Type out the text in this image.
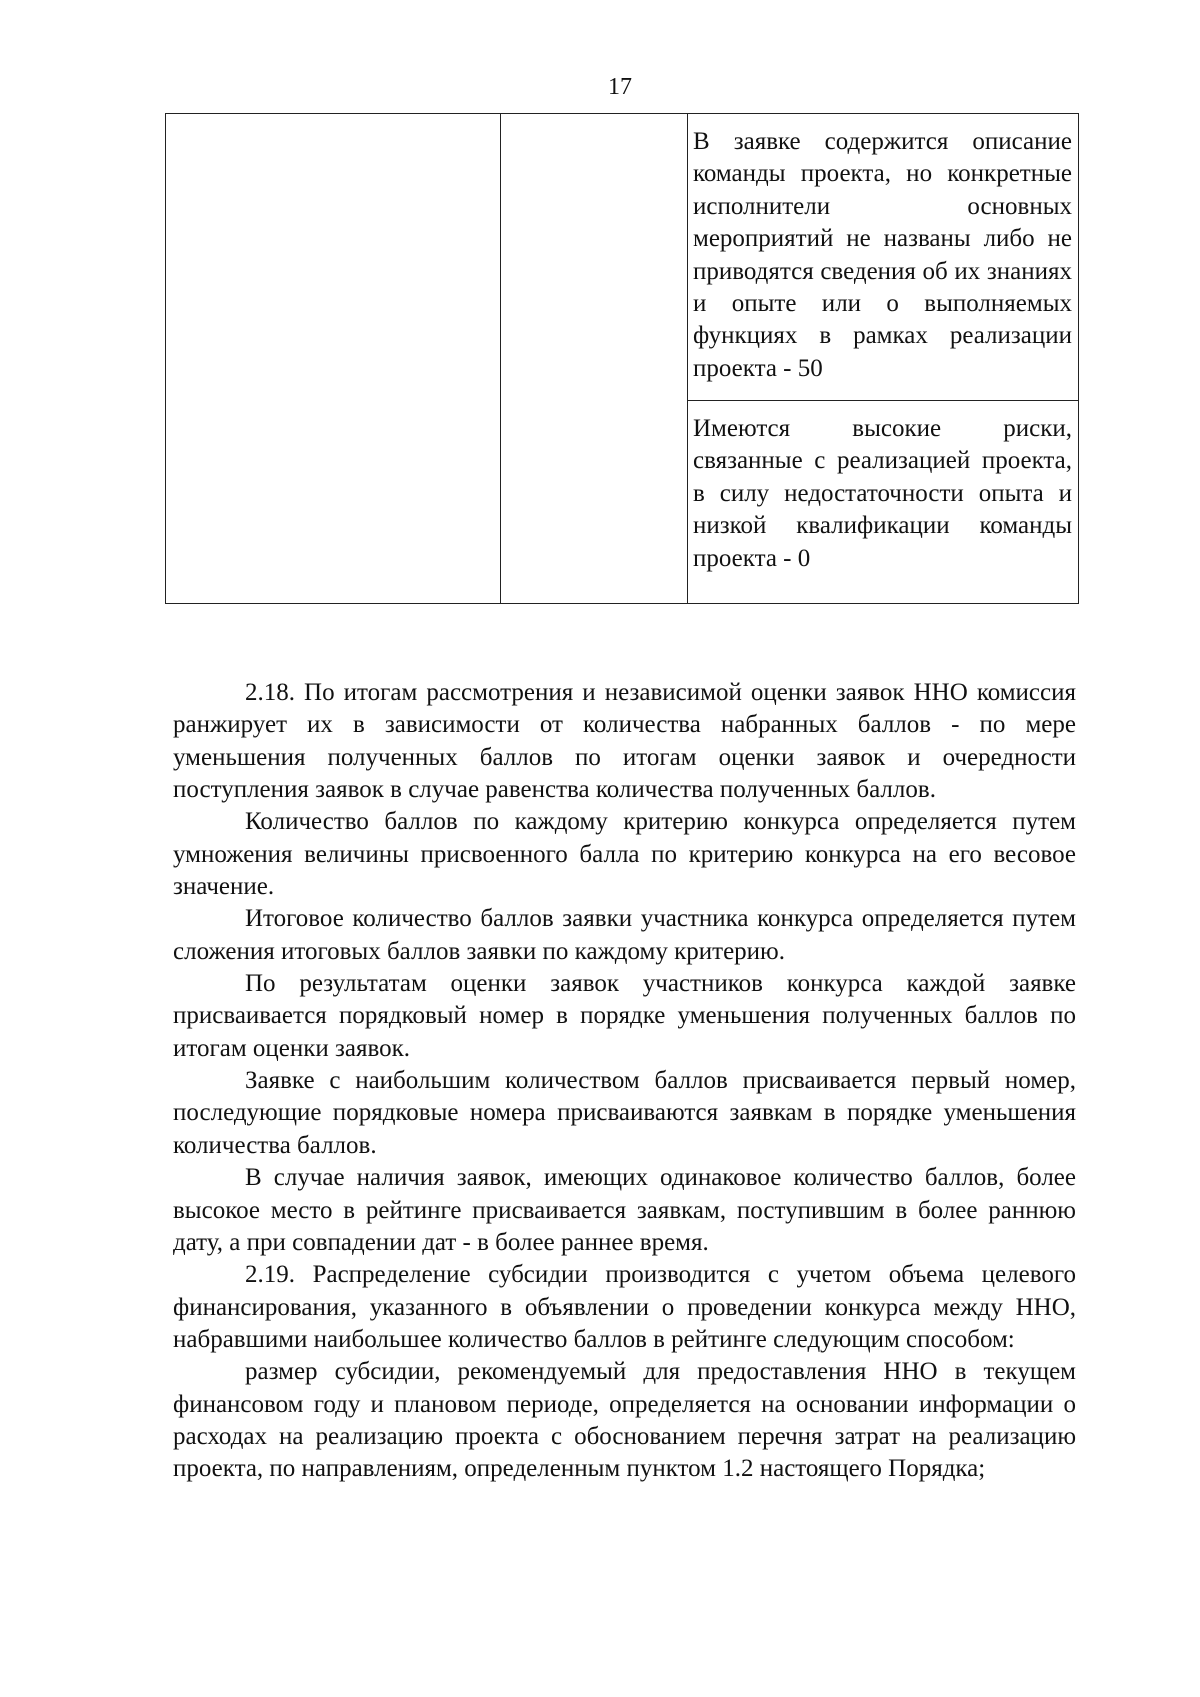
17

В заявке содержится описание команды проекта, но конкретные исполнители основных мероприятий не названы либо не приводятся сведения об их знаниях и опыте или о выполняемых функциях в рамках реализации проекта - 50

Имеются высокие риски, связанные с реализацией проекта, в силу недостаточности опыта и низкой квалификации команды проекта - 0

2.18. По итогам рассмотрения и независимой оценки заявок ННО комиссия ранжирует их в зависимости от количества набранных баллов - по мере уменьшения полученных баллов по итогам оценки заявок и очередности поступления заявок в случае равенства количества полученных баллов.

Количество баллов по каждому критерию конкурса определяется путем умножения величины присвоенного балла по критерию конкурса на его весовое значение.

Итоговое количество баллов заявки участника конкурса определяется путем сложения итоговых баллов заявки по каждому критерию.

По результатам оценки заявок участников конкурса каждой заявке присваивается порядковый номер в порядке уменьшения полученных баллов по итогам оценки заявок.

Заявке с наибольшим количеством баллов присваивается первый номер, последующие порядковые номера присваиваются заявкам в порядке уменьшения количества баллов.

В случае наличия заявок, имеющих одинаковое количество баллов, более высокое место в рейтинге присваивается заявкам, поступившим в более раннюю дату, а при совпадении дат - в более раннее время.

2.19. Распределение субсидии производится с учетом объема целевого финансирования, указанного в объявлении о проведении конкурса между ННО, набравшими наибольшее количество баллов в рейтинге следующим способом:

размер субсидии, рекомендуемый для предоставления ННО в текущем финансовом году и плановом периоде, определяется на основании информации о расходах на реализацию проекта с обоснованием перечня затрат на реализацию проекта, по направлениям, определенным пунктом 1.2 настоящего Порядка;
